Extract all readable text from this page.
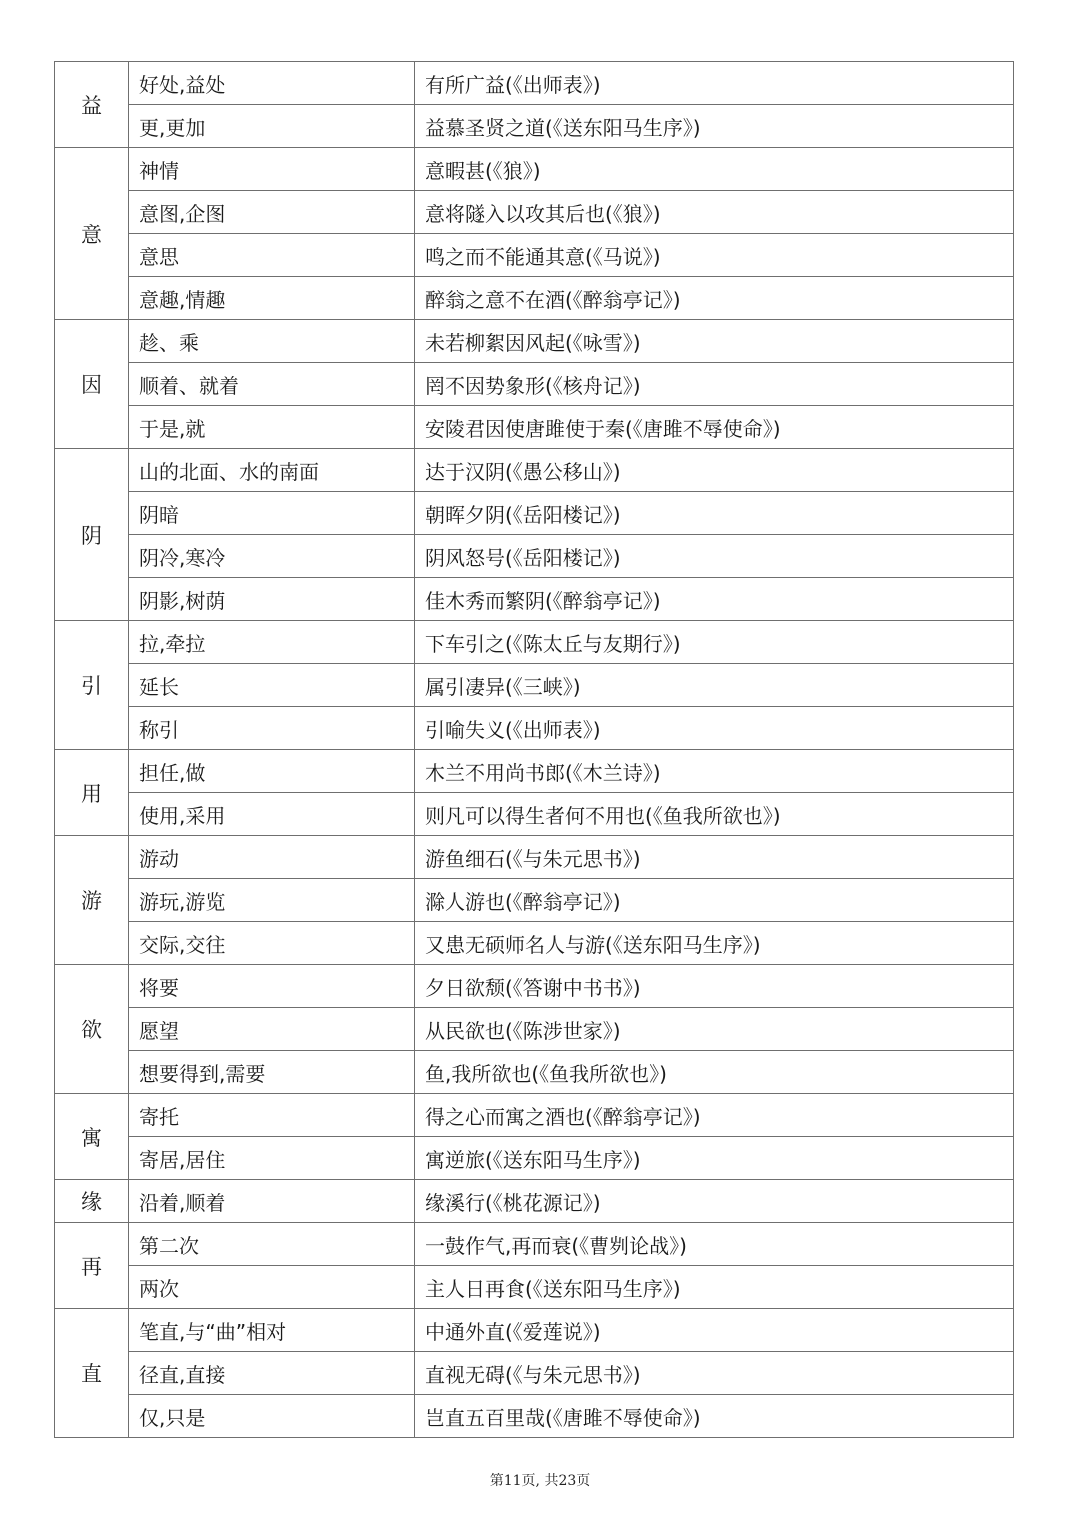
益	好处,益处	有所广益(《出师表》)
	更,更加	益慕圣贤之道(《送东阳马生序》)
意	神情	意暇甚(《狼》)
	意图,企图	意将隧入以攻其后也(《狼》)
	意思	鸣之而不能通其意(《马说》)
	意趣,情趣	醉翁之意不在酒(《醉翁亭记》)
因	趁、乘	未若柳絮因风起(《咏雪》)
	顺着、就着	罔不因势象形(《核舟记》)
	于是,就	安陵君因使唐雎使于秦(《唐雎不辱使命》)
阴	山的北面、水的南面	达于汉阴(《愚公移山》)
	阴暗	朝晖夕阴(《岳阳楼记》)
	阴冷,寒冷	阴风怒号(《岳阳楼记》)
	阴影,树荫	佳木秀而繁阴(《醉翁亭记》)
引	拉,牵拉	下车引之(《陈太丘与友期行》)
	延长	属引凄异(《三峡》)
	称引	引喻失义(《出师表》)
用	担任,做	木兰不用尚书郎(《木兰诗》)
	使用,采用	则凡可以得生者何不用也(《鱼我所欲也》)
游	游动	游鱼细石(《与朱元思书》)
	游玩,游览	滁人游也(《醉翁亭记》)
	交际,交往	又患无硕师名人与游(《送东阳马生序》)
欲	将要	夕日欲颓(《答谢中书书》)
	愿望	从民欲也(《陈涉世家》)
	想要得到,需要	鱼,我所欲也(《鱼我所欲也》)
寓	寄托	得之心而寓之酒也(《醉翁亭记》)
	寄居,居住	寓逆旅(《送东阳马生序》)
缘	沿着,顺着	缘溪行(《桃花源记》)
再	第二次	一鼓作气,再而衰(《曹刿论战》)
	两次	主人日再食(《送东阳马生序》)
直	笔直,与“曲”相对	中通外直(《爱莲说》)
	径直,直接	直视无碍(《与朱元思书》)
	仅,只是	岂直五百里哉(《唐雎不辱使命》)
第11页, 共23页
